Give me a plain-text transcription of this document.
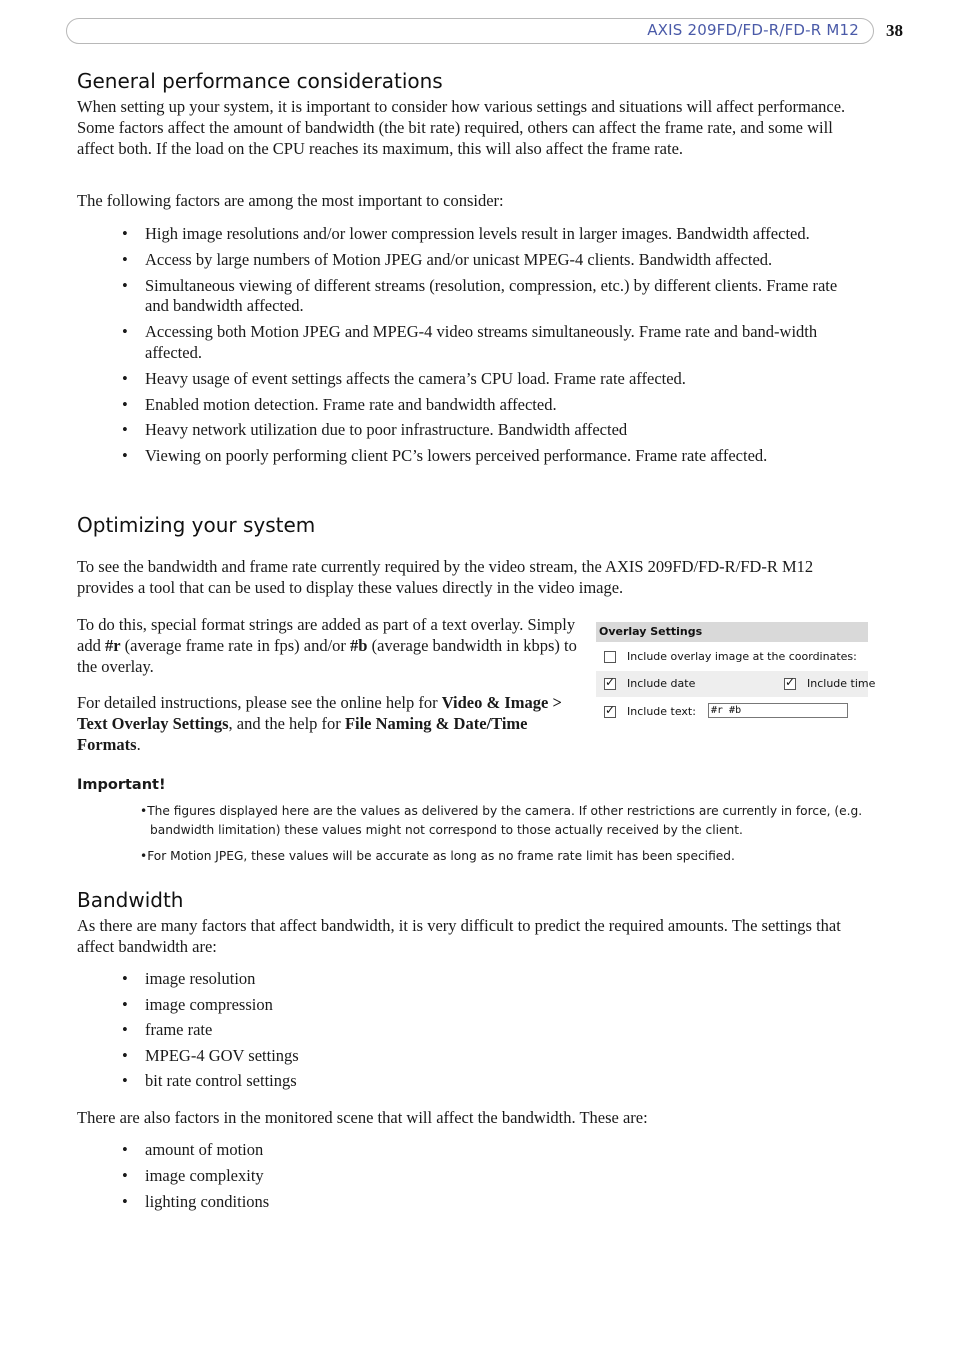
AXIS 209FD/FD-R/FD-R M12 38
General performance considerations

When setting up your system, it is important to consider how various settings and situations will affect performance. Some factors affect the amount of bandwidth (the bit rate) required, others can affect the frame rate, and some will affect both. If the load on the CPU reaches its maximum, this will also affect the frame rate.

The following factors are among the most important to consider:

• High image resolutions and/or lower compression levels result in larger images. Bandwidth affected.
• Access by large numbers of Motion JPEG and/or unicast MPEG-4 clients. Bandwidth affected.
• Simultaneous viewing of different streams (resolution, compression, etc.) by different clients. Frame rate and bandwidth affected.
• Accessing both Motion JPEG and MPEG-4 video streams simultaneously. Frame rate and band-width affected.
• Heavy usage of event settings affects the camera’s CPU load. Frame rate affected.
• Enabled motion detection. Frame rate and bandwidth affected.
• Heavy network utilization due to poor infrastructure. Bandwidth affected
• Viewing on poorly performing client PC’s lowers perceived performance. Frame rate affected.
Optimizing your system

To see the bandwidth and frame rate currently required by the video stream, the AXIS 209FD/FD-R/FD-R M12 provides a tool that can be used to display these values directly in the video image.

To do this, special format strings are added as part of a text overlay. Simply add #r (average frame rate in fps) and/or #b (average bandwidth in kbps) to the overlay.

For detailed instructions, please see the online help for Video & Image > Text Overlay Settings, and the help for File Naming & Date/Time Formats.

Overlay Settings
Include overlay image at the coordinates:
✓ Include date	✓ Include time
✓ Include text:	#r #b
Important!

•The figures displayed here are the values as delivered by the camera. If other restrictions are currently in force, (e.g.
bandwidth limitation) these values might not correspond to those actually received by the client.

•For Motion JPEG, these values will be accurate as long as no frame rate limit has been specified.

Bandwidth

As there are many factors that affect bandwidth, it is very difficult to predict the required amounts. The settings that affect bandwidth are:

• image resolution
• image compression
• frame rate
• MPEG-4 GOV settings
• bit rate control settings

There are also factors in the monitored scene that will affect the bandwidth. These are:

• amount of motion
• image complexity
• lighting conditions
